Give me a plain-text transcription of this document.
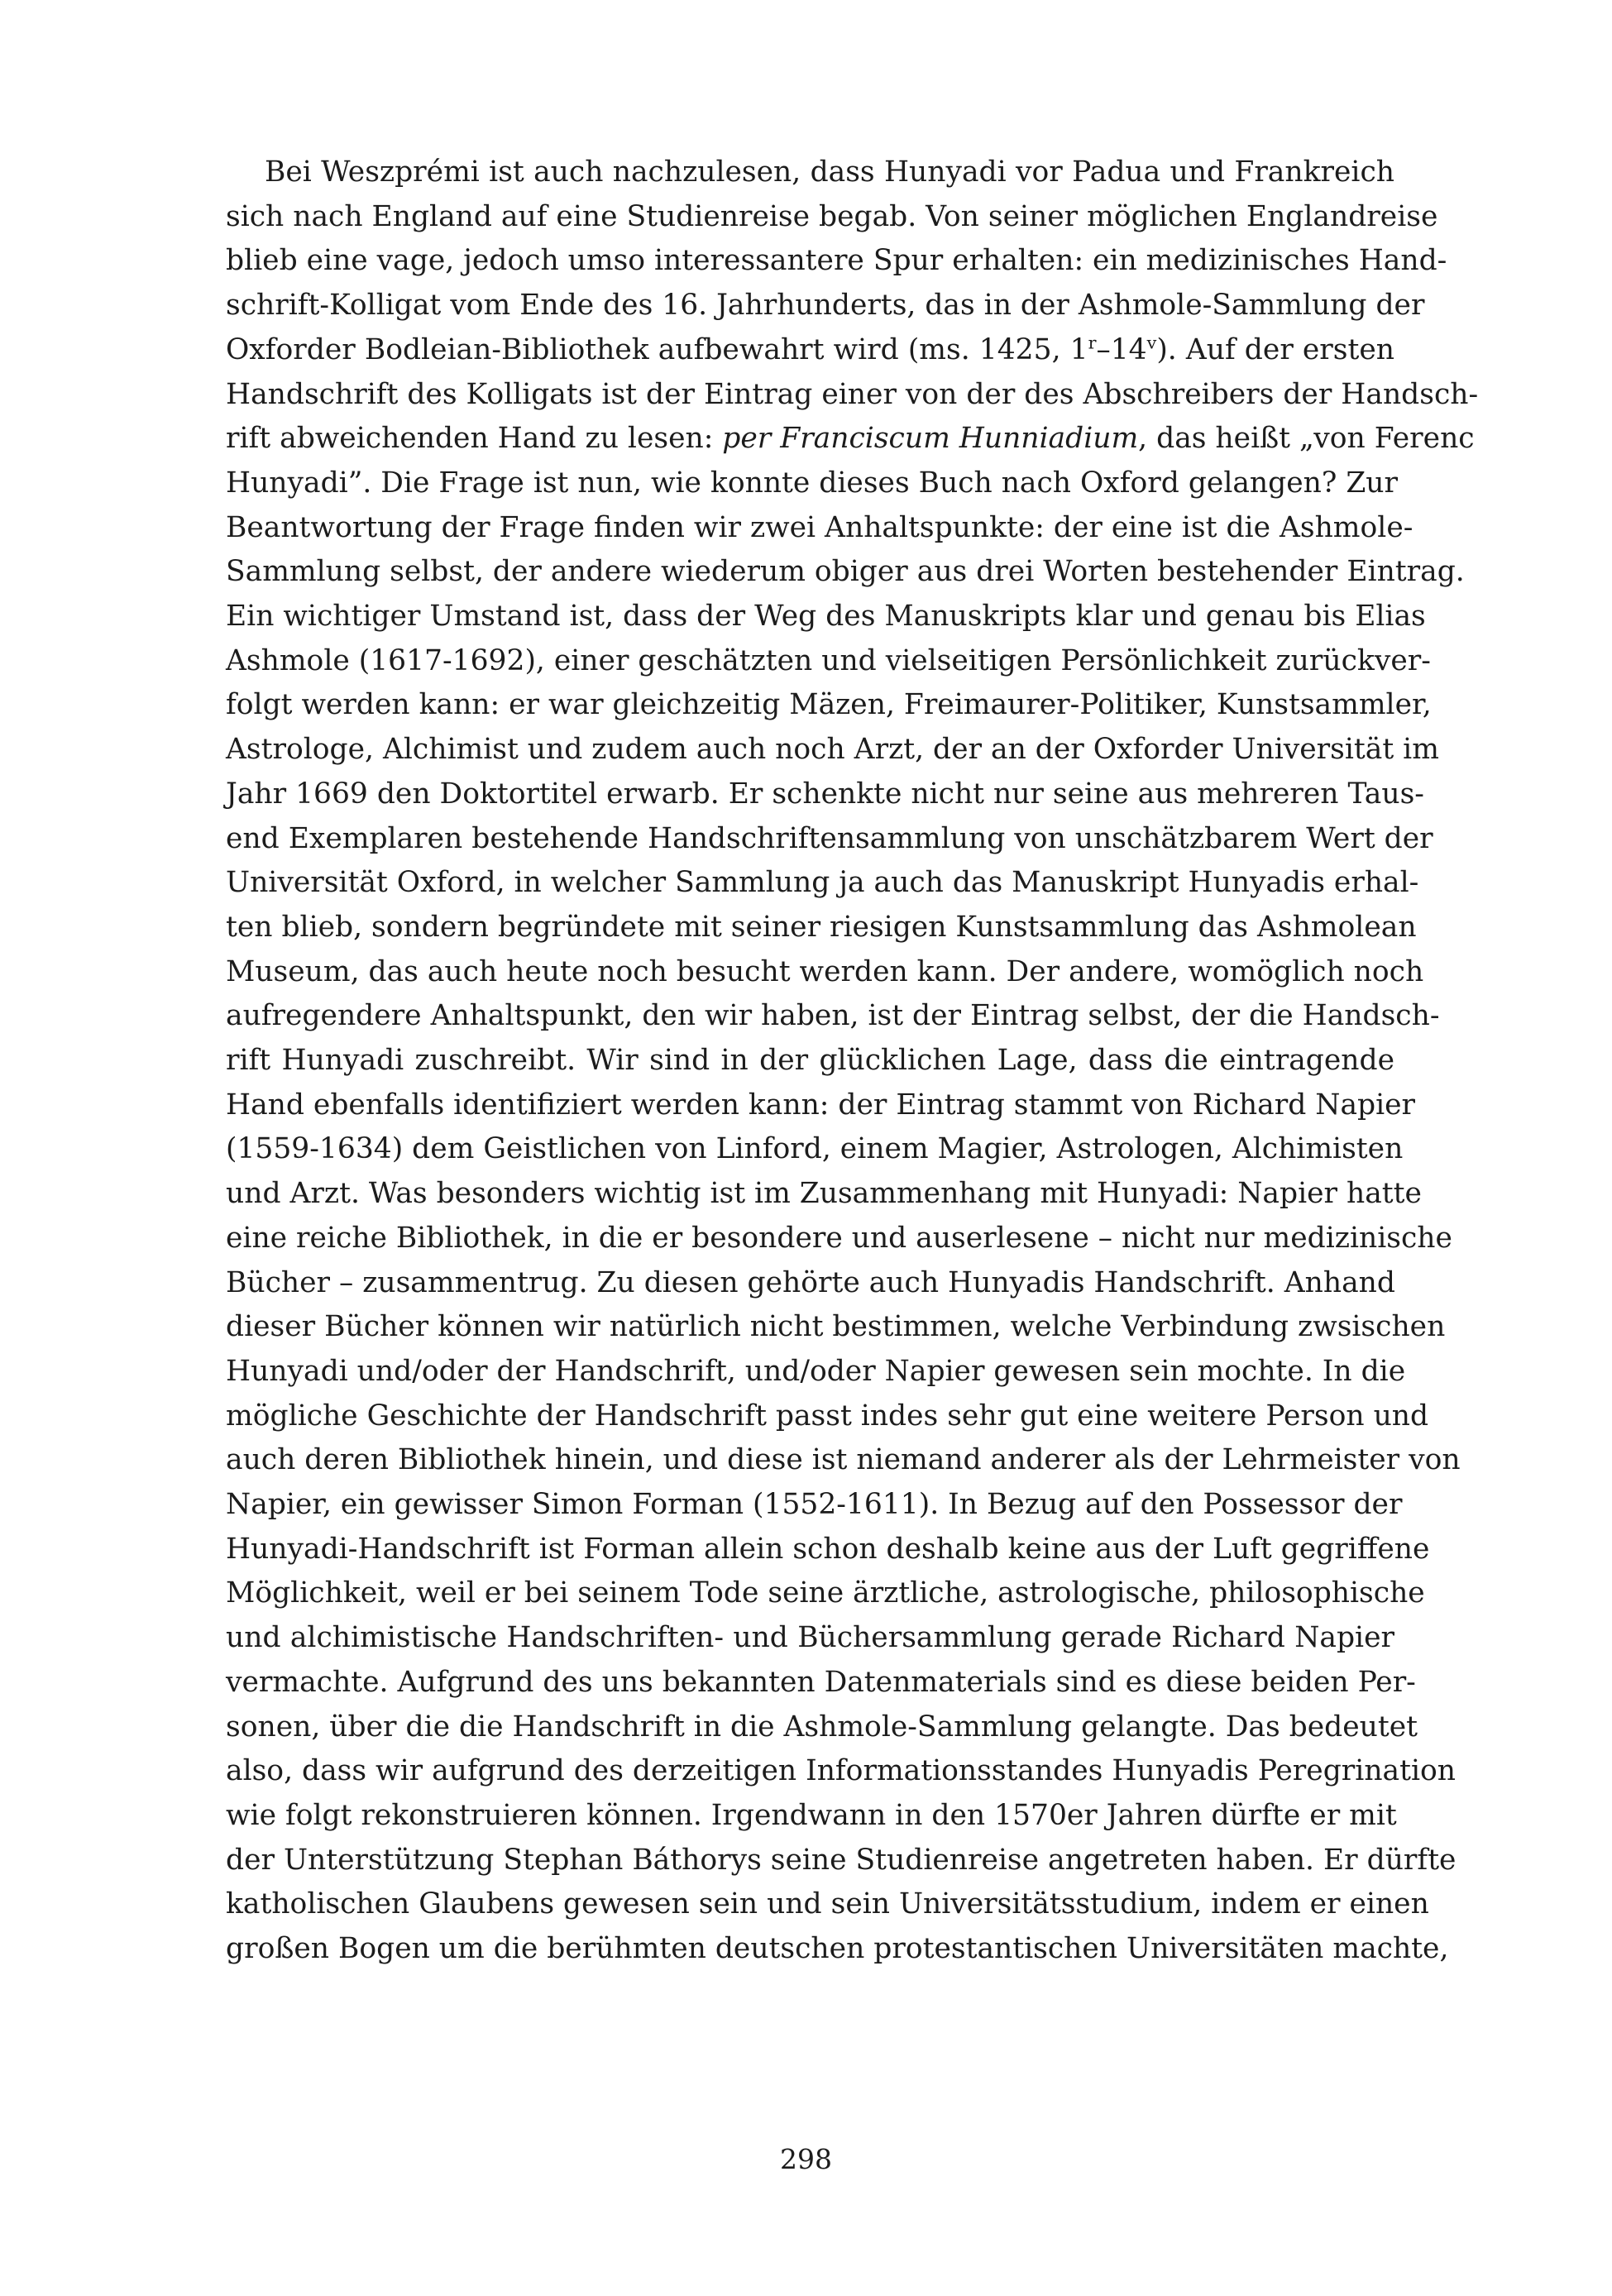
Bei Weszprémi ist auch nachzulesen, dass Hunyadi vor Padua und Frankreich

sich nach England auf eine Studienreise begab. Von seiner möglichen Englandreise

blieb eine vage, jedoch umso interessantere Spur erhalten: ein medizinisches Hand-

schrift-Kolligat vom Ende des 16. Jahrhunderts, das in der Ashmole-Sammlung der

Oxforder Bodleian-Bibliothek aufbewahrt wird (ms. 1425, 1$^r$–14$^v$). Auf der ersten

Handschrift des Kolligats ist der Eintrag einer von der des Abschreibers der Handsch-

rift abweichenden Hand zu lesen: per Franciscum Hunniadium, das heißt „von Ferenc

Hunyadi”. Die Frage ist nun, wie konnte dieses Buch nach Oxford gelangen? Zur

Beantwortung der Frage finden wir zwei Anhaltspunkte: der eine ist die Ashmole-

Sammlung selbst, der andere wiederum obiger aus drei Worten bestehender Eintrag.

Ein wichtiger Umstand ist, dass der Weg des Manuskripts klar und genau bis Elias

Ashmole (1617-1692), einer geschätzten und vielseitigen Persönlichkeit zurückver-

folgt werden kann: er war gleichzeitig Mäzen, Freimaurer-Politiker, Kunstsammler,

Astrologe, Alchimist und zudem auch noch Arzt, der an der Oxforder Universität im

Jahr 1669 den Doktortitel erwarb. Er schenkte nicht nur seine aus mehreren Taus-

end Exemplaren bestehende Handschriftensammlung von unschätzbarem Wert der

Universität Oxford, in welcher Sammlung ja auch das Manuskript Hunyadis erhal-

ten blieb, sondern begründete mit seiner riesigen Kunstsammlung das Ashmolean

Museum, das auch heute noch besucht werden kann. Der andere, womöglich noch

aufregendere Anhaltspunkt, den wir haben, ist der Eintrag selbst, der die Handsch-

rift Hunyadi zuschreibt. Wir sind in der glücklichen Lage, dass die eintragende

Hand ebenfalls identifiziert werden kann: der Eintrag stammt von Richard Napier

(1559-1634) dem Geistlichen von Linford, einem Magier, Astrologen, Alchimisten

und Arzt. Was besonders wichtig ist im Zusammenhang mit Hunyadi: Napier hatte

eine reiche Bibliothek, in die er besondere und auserlesene – nicht nur medizinische

Bücher – zusammentrug. Zu diesen gehörte auch Hunyadis Handschrift. Anhand

dieser Bücher können wir natürlich nicht bestimmen, welche Verbindung zwsischen

Hunyadi und/oder der Handschrift, und/oder Napier gewesen sein mochte. In die

mögliche Geschichte der Handschrift passt indes sehr gut eine weitere Person und

auch deren Bibliothek hinein, und diese ist niemand anderer als der Lehrmeister von

Napier, ein gewisser Simon Forman (1552-1611). In Bezug auf den Possessor der

Hunyadi-Handschrift ist Forman allein schon deshalb keine aus der Luft gegriffene

Möglichkeit, weil er bei seinem Tode seine ärztliche, astrologische, philosophische

und alchimistische Handschriften- und Büchersammlung gerade Richard Napier

vermachte. Aufgrund des uns bekannten Datenmaterials sind es diese beiden Per-

sonen, über die die Handschrift in die Ashmole-Sammlung gelangte. Das bedeutet

also, dass wir aufgrund des derzeitigen Informationsstandes Hunyadis Peregrination

wie folgt rekonstruieren können. Irgendwann in den 1570er Jahren dürfte er mit

der Unterstützung Stephan Báthorys seine Studienreise angetreten haben. Er dürfte

katholischen Glaubens gewesen sein und sein Universitätsstudium, indem er einen

großen Bogen um die berühmten deutschen protestantischen Universitäten machte,

298
